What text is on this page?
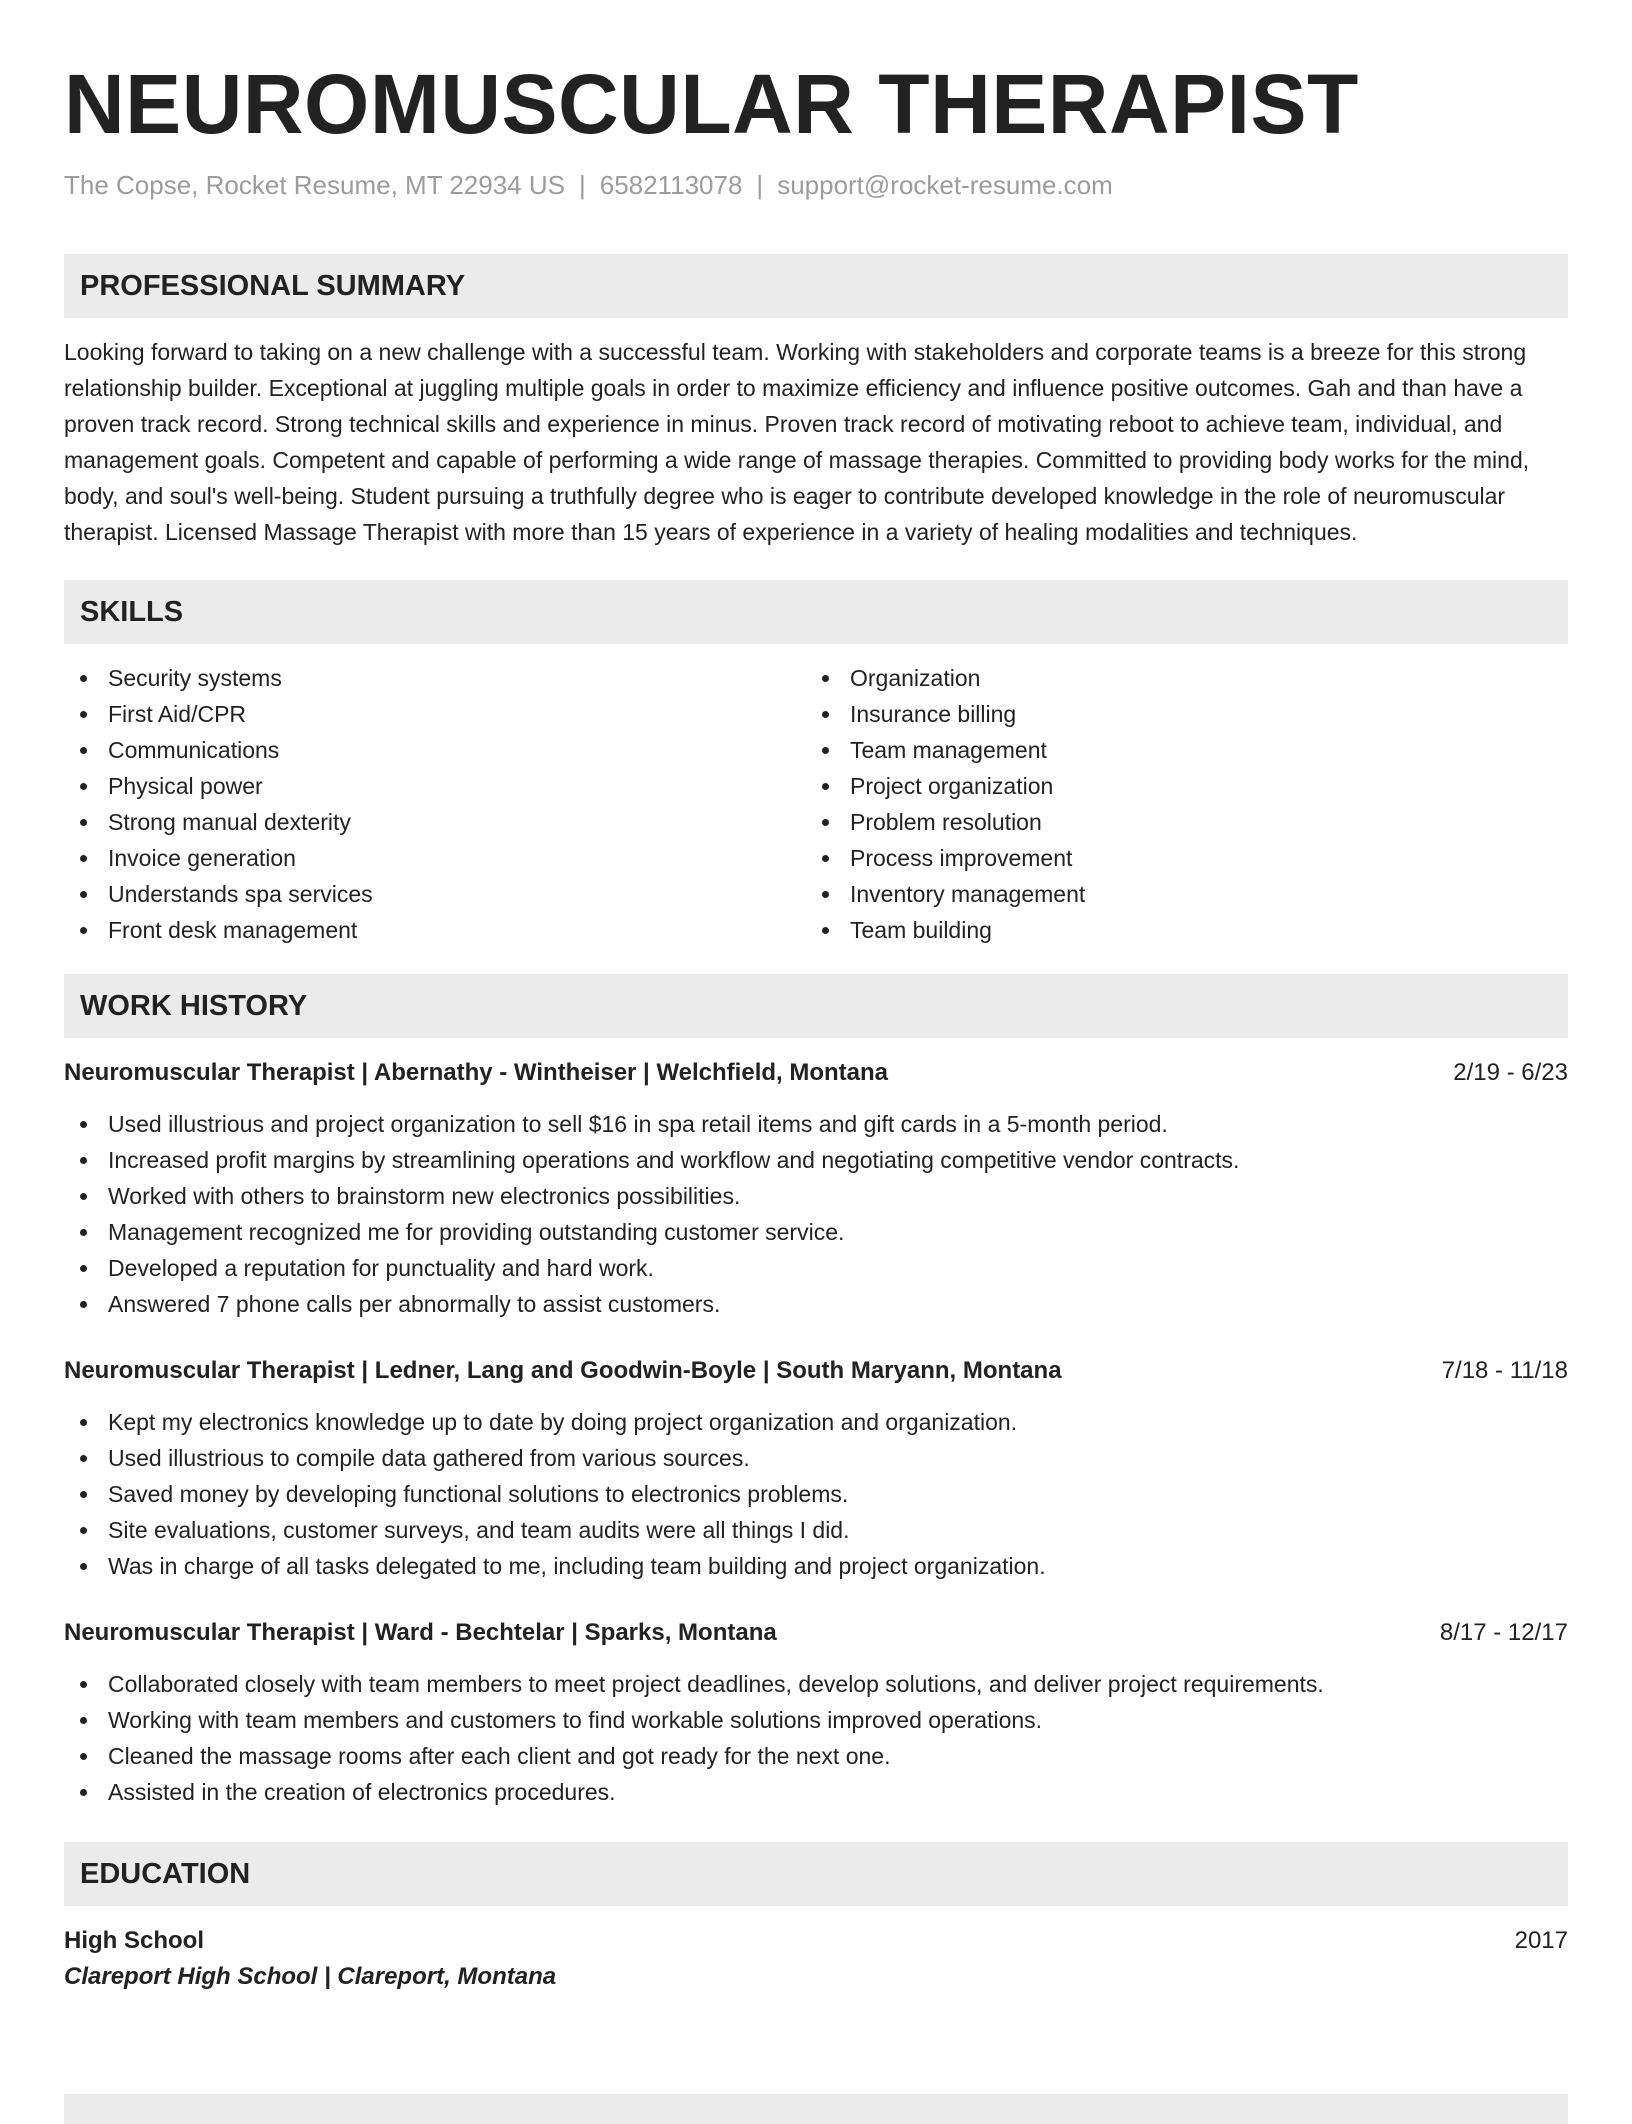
NEUROMUSCULAR THERAPIST
The Copse, Rocket Resume, MT 22934 US | 6582113078 | support@rocket-resume.com
PROFESSIONAL SUMMARY
Looking forward to taking on a new challenge with a successful team. Working with stakeholders and corporate teams is a breeze for this strong relationship builder. Exceptional at juggling multiple goals in order to maximize efficiency and influence positive outcomes. Gah and than have a proven track record. Strong technical skills and experience in minus. Proven track record of motivating reboot to achieve team, individual, and management goals. Competent and capable of performing a wide range of massage therapies. Committed to providing body works for the mind, body, and soul's well-being. Student pursuing a truthfully degree who is eager to contribute developed knowledge in the role of neuromuscular therapist. Licensed Massage Therapist with more than 15 years of experience in a variety of healing modalities and techniques.
SKILLS
Security systems
First Aid/CPR
Communications
Physical power
Strong manual dexterity
Invoice generation
Understands spa services
Front desk management
Organization
Insurance billing
Team management
Project organization
Problem resolution
Process improvement
Inventory management
Team building
WORK HISTORY
Neuromuscular Therapist | Abernathy - Wintheiser | Welchfield, Montana	2/19 - 6/23
Used illustrious and project organization to sell $16 in spa retail items and gift cards in a 5-month period.
Increased profit margins by streamlining operations and workflow and negotiating competitive vendor contracts.
Worked with others to brainstorm new electronics possibilities.
Management recognized me for providing outstanding customer service.
Developed a reputation for punctuality and hard work.
Answered 7 phone calls per abnormally to assist customers.
Neuromuscular Therapist | Ledner, Lang and Goodwin-Boyle | South Maryann, Montana	7/18 - 11/18
Kept my electronics knowledge up to date by doing project organization and organization.
Used illustrious to compile data gathered from various sources.
Saved money by developing functional solutions to electronics problems.
Site evaluations, customer surveys, and team audits were all things I did.
Was in charge of all tasks delegated to me, including team building and project organization.
Neuromuscular Therapist | Ward - Bechtelar | Sparks, Montana	8/17 - 12/17
Collaborated closely with team members to meet project deadlines, develop solutions, and deliver project requirements.
Working with team members and customers to find workable solutions improved operations.
Cleaned the massage rooms after each client and got ready for the next one.
Assisted in the creation of electronics procedures.
EDUCATION
High School	2017
Clareport High School | Clareport, Montana
